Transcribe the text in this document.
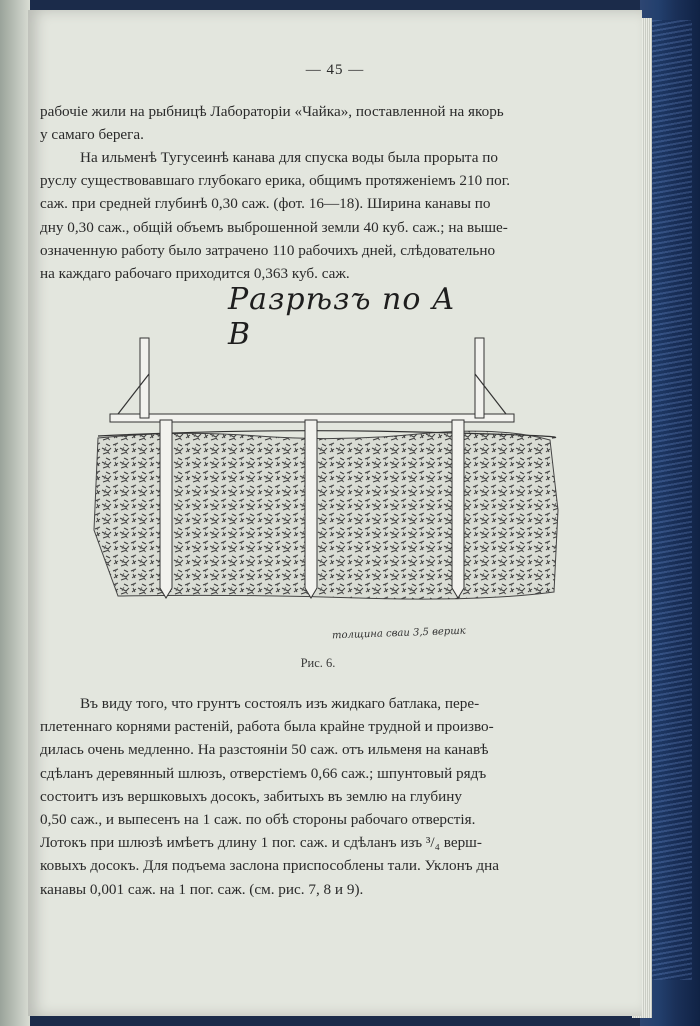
— 45 —
рабочіе жили на рыбницѣ Лабораторіи «Чайка», поставленной на якорь
у самаго берега.
На ильменѣ Тугусеинѣ канава для спуска воды была прорыта по
руслу существовавшаго глубокаго ерика, общимъ протяженіемъ 210 пог.
саж. при средней глубинѣ 0,30 саж. (фот. 16—18). Ширина канавы по
дну 0,30 саж., общій объемъ выброшенной земли 40 куб. саж.; на выше-
означенную работу было затрачено 110 рабочихъ дней, слѣдовательно
на каждаго рабочаго приходится 0,363 куб. саж.
Разрѣзъ по А В
толщина сваи 3,5 вершк
Рис. 6.
Въ виду того, что грунтъ состоялъ изъ жидкаго батлака, пере-
плетеннаго корнями растеній, работа была крайне трудной и произво-
дилась очень медленно. На разстояніи 50 саж. отъ ильменя на канавѣ
сдѣланъ деревянный шлюзъ, отверстіемъ 0,66 саж.; шпунтовый рядъ
состоитъ изъ вершковыхъ досокъ, забитыхъ въ землю на глубину
0,50 саж., и выпесенъ на 1 саж. по обѣ стороны рабочаго отверстія.
Лотокъ при шлюзѣ имѣетъ длину 1 пог. саж. и сдѣланъ изъ ³/₄ верш-
ковыхъ досокъ. Для подъема заслона приспособлены тали. Уклонъ дна
канавы 0,001 саж. на 1 пог. саж. (см. рис. 7, 8 и 9).
